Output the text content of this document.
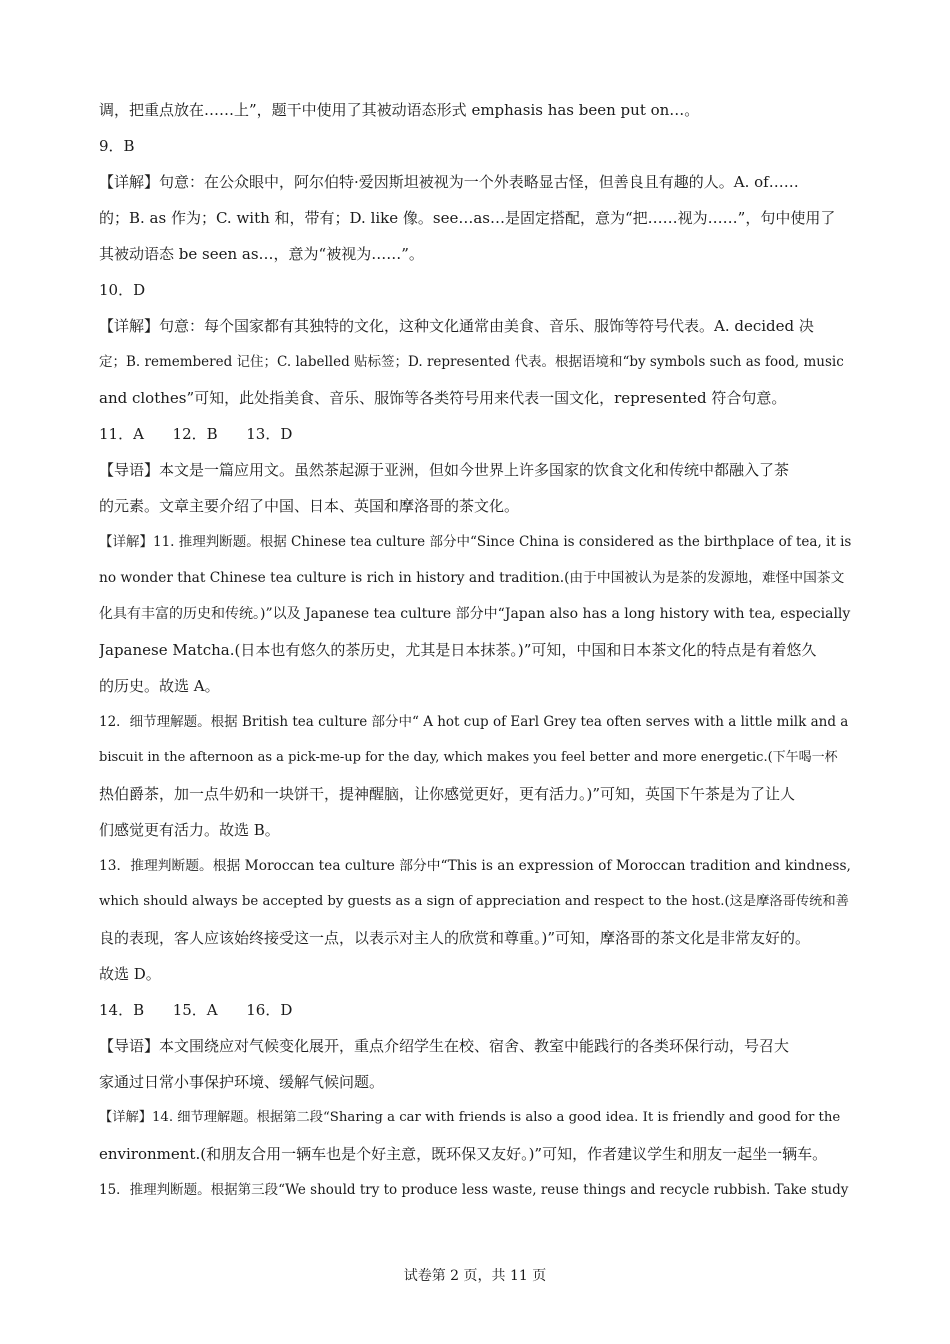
调，把重点放在……上”，题干中使用了其被动语态形式 emphasis has been put on…。
9．B
【详解】句意：在公众眼中，阿尔伯特·爱因斯坦被视为一个外表略显古怪，但善良且有趣的人。A. of……
的；B. as 作为；C. with 和，带有；D. like 像。see…as…是固定搭配，意为“把……视为……”，句中使用了
其被动语态 be seen as…，意为“被视为……”。
10．D
【详解】句意：每个国家都有其独特的文化，这种文化通常由美食、音乐、服饰等符号代表。A. decided 决
定；B. remembered 记住；C. labelled 贴标签；D. represented 代表。根据语境和“by symbols such as food, music
and clothes”可知，此处指美食、音乐、服饰等各类符号用来代表一国文化，represented 符合句意。
11．A      12．B      13．D
【导语】本文是一篇应用文。虽然茶起源于亚洲，但如今世界上许多国家的饮食文化和传统中都融入了茶
的元素。文章主要介绍了中国、日本、英国和摩洛哥的茶文化。
【详解】11. 推理判断题。根据 Chinese tea culture 部分中“Since China is considered as the birthplace of tea, it is
no wonder that Chinese tea culture is rich in history and tradition.(由于中国被认为是茶的发源地，难怪中国茶文
化具有丰富的历史和传统。)”以及 Japanese tea culture 部分中“Japan also has a long history with tea, especially
Japanese Matcha.(日本也有悠久的茶历史，尤其是日本抹茶。)”可知，中国和日本茶文化的特点是有着悠久
的历史。故选 A。
12．细节理解题。根据 British tea culture 部分中“ A hot cup of Earl Grey tea often serves with a little milk and a
biscuit in the afternoon as a pick-me-up for the day, which makes you feel better and more energetic.(下午喝一杯
热伯爵茶，加一点牛奶和一块饼干，提神醒脑，让你感觉更好，更有活力。)”可知，英国下午茶是为了让人
们感觉更有活力。故选 B。
13．推理判断题。根据 Moroccan tea culture 部分中“This is an expression of Moroccan tradition and kindness,
which should always be accepted by guests as a sign of appreciation and respect to the host.(这是摩洛哥传统和善
良的表现，客人应该始终接受这一点，以表示对主人的欣赏和尊重。)”可知，摩洛哥的茶文化是非常友好的。
故选 D。
14．B      15．A      16．D
【导语】本文围绕应对气候变化展开，重点介绍学生在校、宿舍、教室中能践行的各类环保行动，号召大
家通过日常小事保护环境、缓解气候问题。
【详解】14. 细节理解题。根据第二段“Sharing a car with friends is also a good idea. It is friendly and good for the
environment.(和朋友合用一辆车也是个好主意，既环保又友好。)”可知，作者建议学生和朋友一起坐一辆车。
15．推理判断题。根据第三段“We should try to produce less waste, reuse things and recycle rubbish. Take study
试卷第 2 页，共 11 页
